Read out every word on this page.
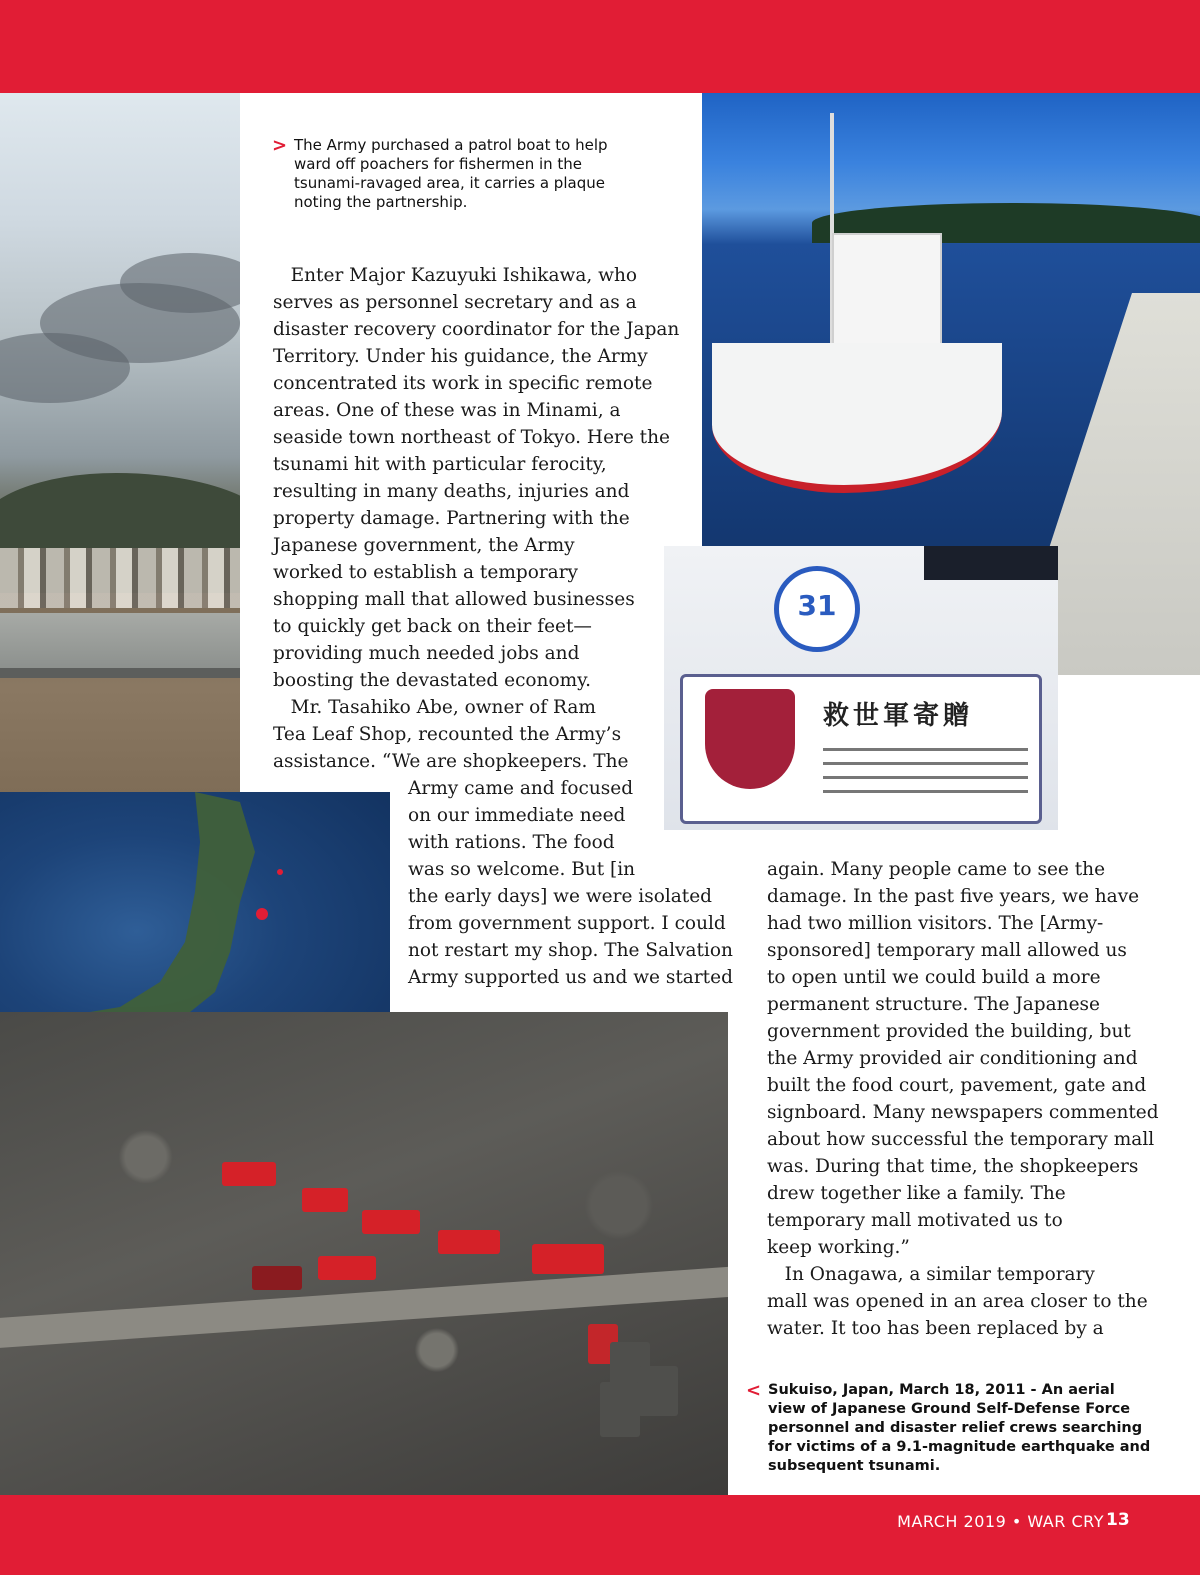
31
救世軍寄贈
> The Army purchased a patrol boat to help
ward off poachers for fishermen in the
tsunami-ravaged area, it carries a plaque
noting the partnership.
Enter Major Kazuyuki Ishikawa, who
serves as personnel secretary and as a
disaster recovery coordinator for the Japan
Territory. Under his guidance, the Army
concentrated its work in specific remote
areas. One of these was in Minami, a
seaside town northeast of Tokyo. Here the
tsunami hit with particular ferocity,
resulting in many deaths, injuries and
property damage. Partnering with the
Japanese government, the Army
worked to establish a temporary
shopping mall that allowed businesses
to quickly get back on their feet—
providing much needed jobs and
boosting the devastated economy.
Mr. Tasahiko Abe, owner of Ram
Tea Leaf Shop, recounted the Army’s
assistance. “We are shopkeepers. The
Army came and focused
on our immediate need
with rations. The food
was so welcome. But [in
the early days] we were isolated
from government support. I could
not restart my shop. The Salvation
Army supported us and we started
again. Many people came to see the
damage. In the past five years, we have
had two million visitors. The [Army-
sponsored] temporary mall allowed us
to open until we could build a more
permanent structure. The Japanese
government provided the building, but
the Army provided air conditioning and
built the food court, pavement, gate and
signboard. Many newspapers commented
about how successful the temporary mall
was. During that time, the shopkeepers
drew together like a family. The
temporary mall motivated us to
keep working.”
In Onagawa, a similar temporary
mall was opened in an area closer to the
water. It too has been replaced by a
< Sukuiso, Japan, March 18, 2011 - An aerial
view of Japanese Ground Self-Defense Force
personnel and disaster relief crews searching
for victims of a 9.1-magnitude earthquake and
subsequent tsunami.
MARCH 2019 • WAR CRY 13
